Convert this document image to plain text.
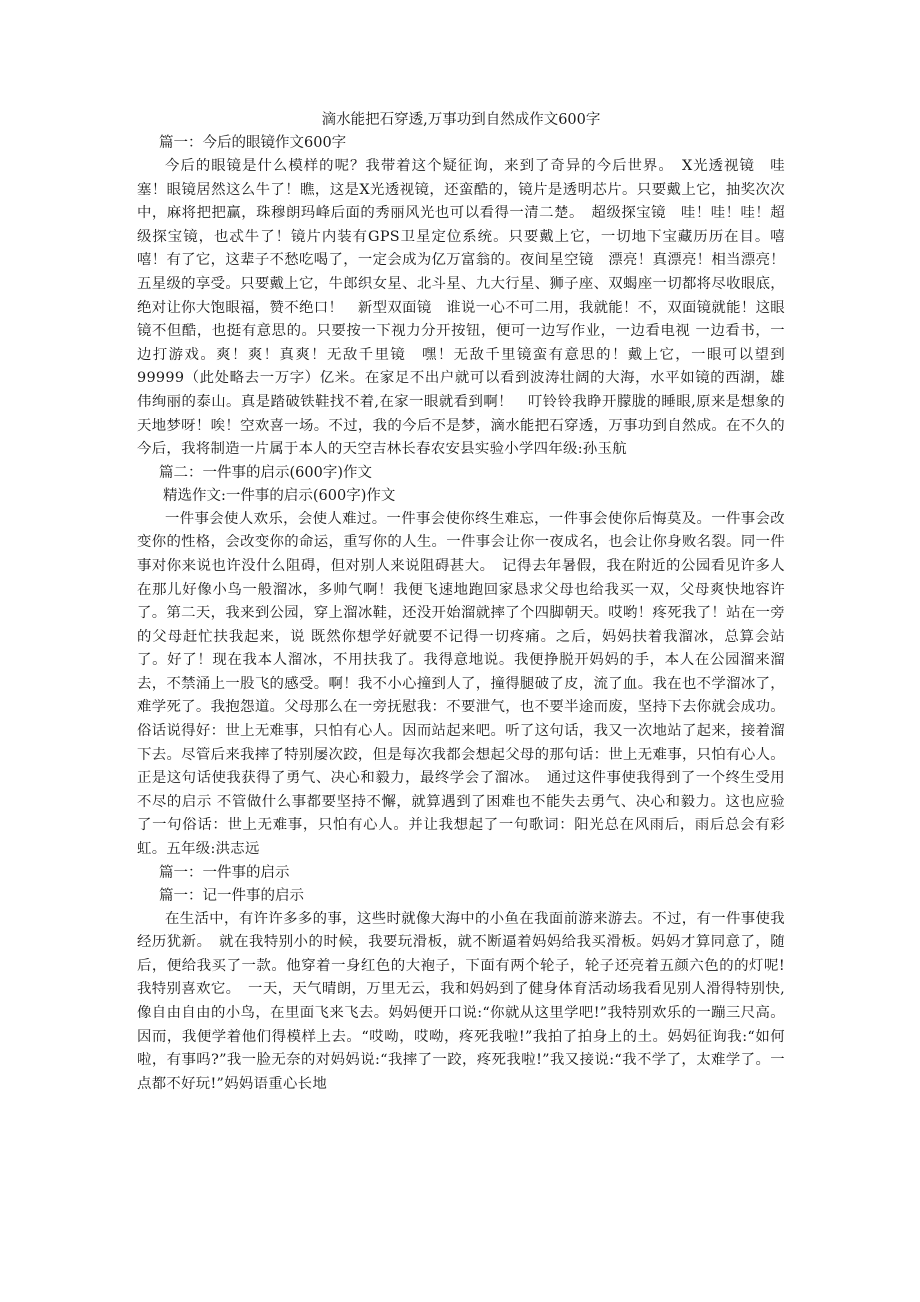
滴水能把石穿透,万事功到自然成作文600字
篇一：今后的眼镜作文600字

今后的眼镜是什么模样的呢？我带着这个疑征询，来到了奇异的今后世界。　X光透视镜　哇塞！眼镜居然这么牛了！瞧，这是X光透视镜，还蛮酷的，镜片是透明芯片。只要戴上它，抽奖次次中，麻将把把赢，珠穆朗玛峰后面的秀丽风光也可以看得一清二楚。　超级探宝镜　哇！哇！哇！超级探宝镜，也忒牛了！镜片内装有GPS卫星定位系统。只要戴上它，一切地下宝藏历历在目。嘻嘻！有了它，这辈子不愁吃喝了，一定会成为亿万富翁的。夜间星空镜　漂亮！真漂亮！相当漂亮！五星级的享受。只要戴上它，牛郎织女星、北斗星、九大行星、狮子座、双蝎座一切都将尽收眼底，绝对让你大饱眼福，赞不绝口！　新型双面镜　谁说一心不可二用，我就能！不，双面镜就能！这眼镜不但酷，也挺有意思的。只要按一下视力分开按钮，便可一边写作业，一边看电视 一边看书，一边打游戏。爽！爽！真爽！无敌千里镜　嘿！无敌千里镜蛮有意思的！戴上它，一眼可以望到99999（此处略去一万字）亿米。在家足不出户就可以看到波涛壮阔的大海，水平如镜的西湖，雄伟绚丽的泰山。真是踏破铁鞋找不着,在家一眼就看到啊！　叮铃铃我睁开朦胧的睡眼,原来是想象的天地梦呀！唉！空欢喜一场。不过，我的今后不是梦，滴水能把石穿透，万事功到自然成。在不久的今后，我将制造一片属于本人的天空吉林长春农安县实验小学四年级:孙玉航

篇二：一件事的启示(600字)作文
精选作文:一件事的启示(600字)作文

一件事会使人欢乐，会使人难过。一件事会使你终生难忘，一件事会使你后悔莫及。一件事会改变你的性格，会改变你的命运，重写你的人生。一件事会让你一夜成名，也会让你身败名裂。同一件事对你来说也许没什么阻碍，但对别人来说阻碍甚大。　记得去年暑假，我在附近的公园看见许多人在那儿好像小鸟一般溜冰，多帅气啊！我便飞速地跑回家恳求父母也给我买一双，父母爽快地容许了。第二天，我来到公园，穿上溜冰鞋，还没开始溜就摔了个四脚朝天。哎哟！疼死我了！站在一旁的父母赶忙扶我起来，说 既然你想学好就要不记得一切疼痛。之后，妈妈扶着我溜冰，总算会站了。好了！现在我本人溜冰，不用扶我了。我得意地说。我便挣脱开妈妈的手，本人在公园溜来溜去，不禁涌上一股飞的感受。啊！我不小心撞到人了，撞得腿破了皮，流了血。我在也不学溜冰了，难学死了。我抱怨道。父母那么在一旁抚慰我：不要泄气，也不要半途而废，坚持下去你就会成功。俗话说得好：世上无难事，只怕有心人。因而站起来吧。听了这句话，我又一次地站了起来，接着溜下去。尽管后来我摔了特别屡次跤，但是每次我都会想起父母的那句话：世上无难事，只怕有心人。正是这句话使我获得了勇气、决心和毅力，最终学会了溜冰。　通过这件事使我得到了一个终生受用不尽的启示 不管做什么事都要坚持不懈，就算遇到了困难也不能失去勇气、决心和毅力。这也应验了一句俗话：世上无难事，只怕有心人。并让我想起了一句歌词：阳光总在风雨后，雨后总会有彩虹。五年级:洪志远

篇一：一件事的启示
篇一：记一件事的启示

在生活中，有许许多多的事，这些时就像大海中的小鱼在我面前游来游去。不过，有一件事使我经历犹新。　就在我特别小的时候，我要玩滑板，就不断逼着妈妈给我买滑板。妈妈才算同意了，随后，便给我买了一款。他穿着一身红色的大袍子，下面有两个轮子，轮子还亮着五颜六色的的灯呢!我特别喜欢它。　一天，天气晴朗，万里无云，我和妈妈到了健身体育活动场我看见别人滑得特别快,像自由自由的小鸟，在里面飞来飞去。妈妈便开口说:“你就从这里学吧!”我特别欢乐的一蹦三尺高。因而，我便学着他们得模样上去。“哎呦，哎呦，疼死我啦!”我拍了拍身上的土。妈妈征询我:“如何啦，有事吗?”我一脸无奈的对妈妈说:“我摔了一跤，疼死我啦!”我又接说:“我不学了，太难学了。一点都不好玩!”妈妈语重心长地
